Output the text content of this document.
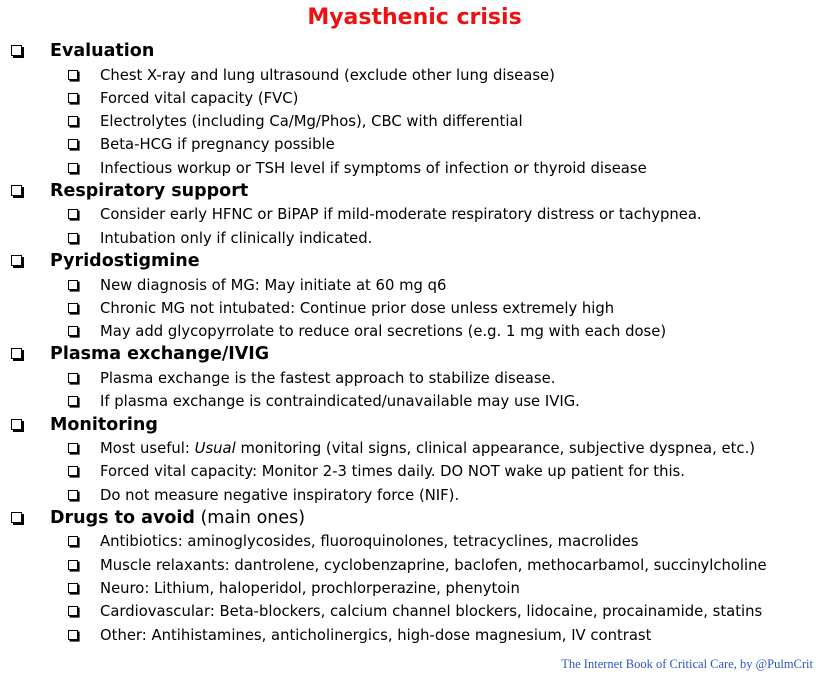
Myasthenic crisis
Evaluation
Chest X-ray and lung ultrasound (exclude other lung disease)
Forced vital capacity (FVC)
Electrolytes (including Ca/Mg/Phos), CBC with differential
Beta-HCG if pregnancy possible
Infectious workup or TSH level if symptoms of infection or thyroid disease
Respiratory support
Consider early HFNC or BiPAP if mild-moderate respiratory distress or tachypnea.
Intubation only if clinically indicated.
Pyridostigmine
New diagnosis of MG: May initiate at 60 mg q6
Chronic MG not intubated: Continue prior dose unless extremely high
May add glycopyrrolate to reduce oral secretions (e.g. 1 mg with each dose)
Plasma exchange/IVIG
Plasma exchange is the fastest approach to stabilize disease.
If plasma exchange is contraindicated/unavailable may use IVIG.
Monitoring
Most useful: Usual monitoring (vital signs, clinical appearance, subjective dyspnea, etc.)
Forced vital capacity: Monitor 2-3 times daily. DO NOT wake up patient for this.
Do not measure negative inspiratory force (NIF).
Drugs to avoid (main ones)
Antibiotics: aminoglycosides, fluoroquinolones, tetracyclines, macrolides
Muscle relaxants: dantrolene, cyclobenzaprine, baclofen, methocarbamol, succinylcholine
Neuro: Lithium, haloperidol, prochlorperazine, phenytoin
Cardiovascular: Beta-blockers, calcium channel blockers, lidocaine, procainamide, statins
Other: Antihistamines, anticholinergics, high-dose magnesium, IV contrast
The Internet Book of Critical Care, by @PulmCrit
